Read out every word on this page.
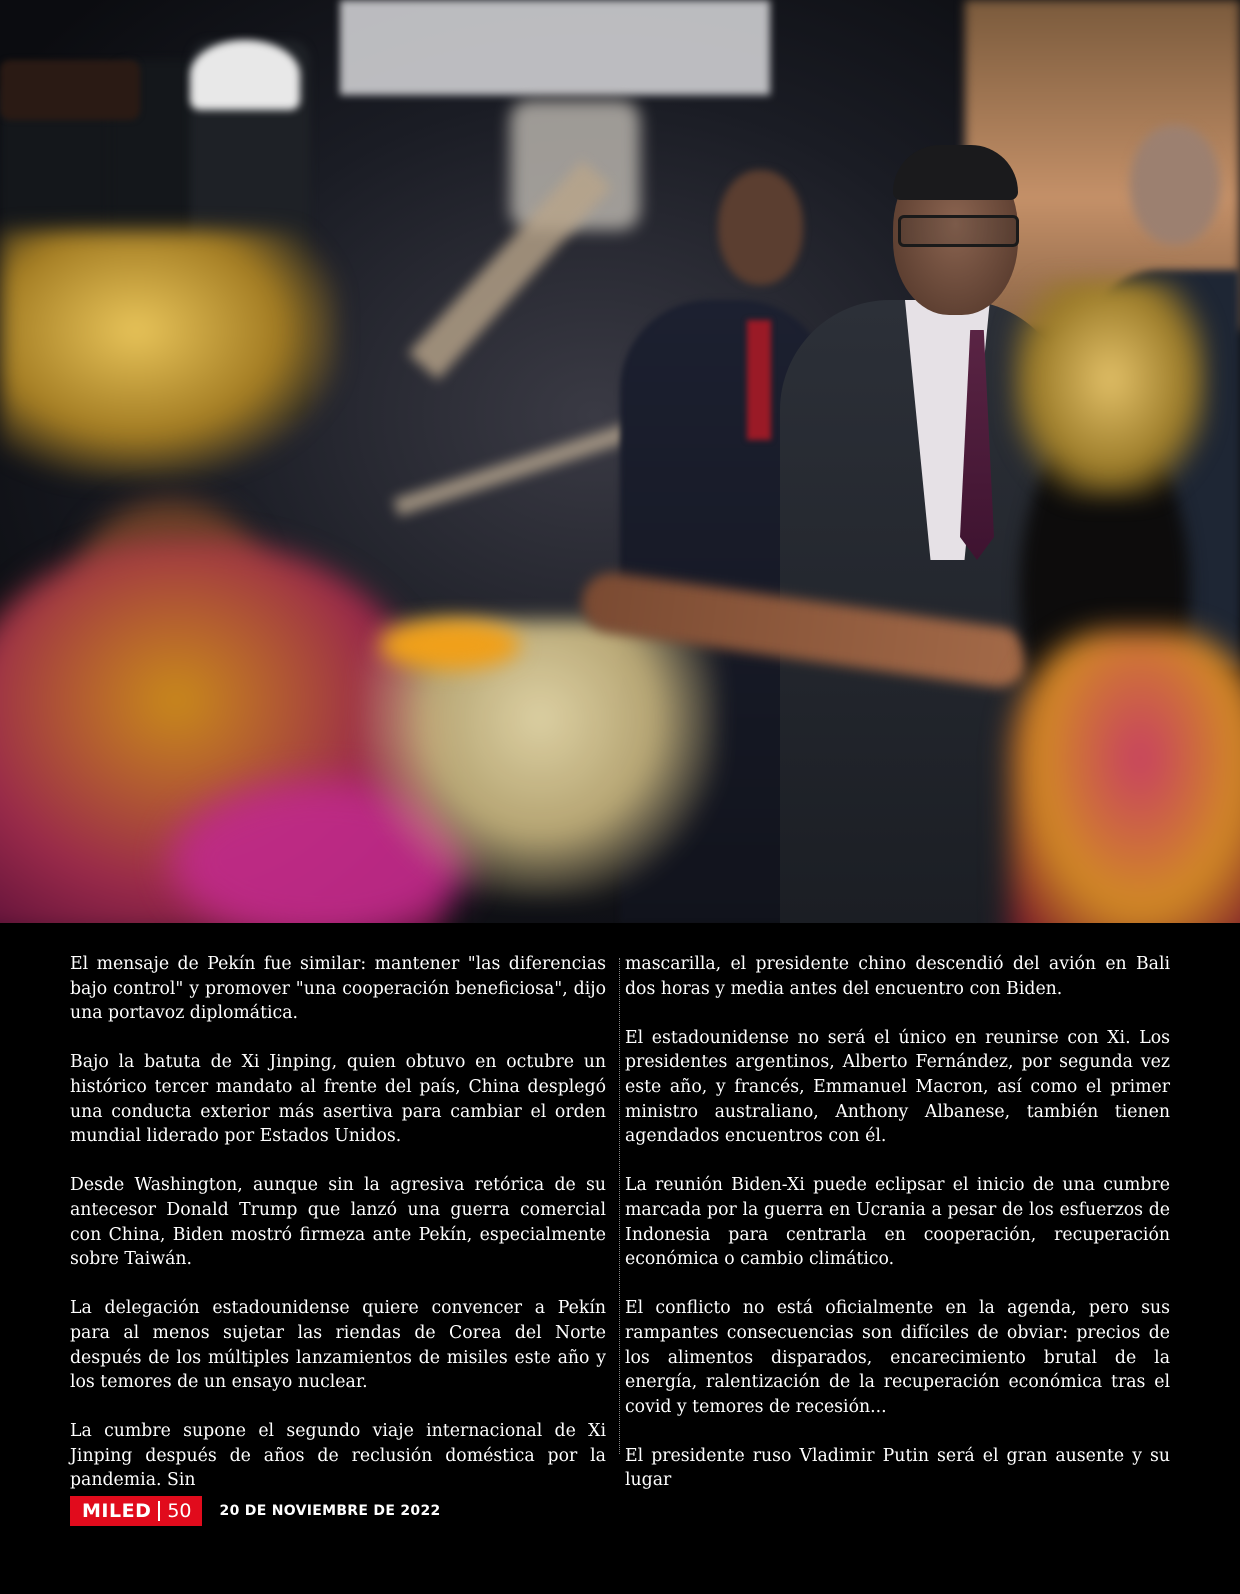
El mensaje de Pekín fue similar: mantener "las diferencias bajo control" y promover "una cooperación beneficiosa", dijo una portavoz diplomática.

Bajo la batuta de Xi Jinping, quien obtuvo en octubre un histórico tercer mandato al frente del país, China desplegó una conducta exterior más asertiva para cambiar el orden mundial liderado por Estados Unidos.

Desde Washington, aunque sin la agresiva retórica de su antecesor Donald Trump que lanzó una guerra comercial con China, Biden mostró firmeza ante Pekín, especialmente sobre Taiwán.

La delegación estadounidense quiere convencer a Pekín para al menos sujetar las riendas de Corea del Norte después de los múltiples lanzamientos de misiles este año y los temores de un ensayo nuclear.

La cumbre supone el segundo viaje internacional de Xi Jinping después de años de reclusión doméstica por la pandemia. Sin

mascarilla, el presidente chino descendió del avión en Bali dos horas y media antes del encuentro con Biden.

El estadounidense no será el único en reunirse con Xi. Los presidentes argentinos, Alberto Fernández, por segunda vez este año, y francés, Emmanuel Macron, así como el primer ministro australiano, Anthony Albanese, también tienen agendados encuentros con él.

La reunión Biden-Xi puede eclipsar el inicio de una cumbre marcada por la guerra en Ucrania a pesar de los esfuerzos de Indonesia para centrarla en cooperación, recuperación económica o cambio climático.

El conflicto no está oficialmente en la agenda, pero sus rampantes consecuencias son difíciles de obviar: precios de los alimentos disparados, encarecimiento brutal de la energía, ralentización de la recuperación económica tras el covid y temores de recesión...

El presidente ruso Vladimir Putin será el gran ausente y su lugar

MILED 50 20 DE NOVIEMBRE DE 2022
